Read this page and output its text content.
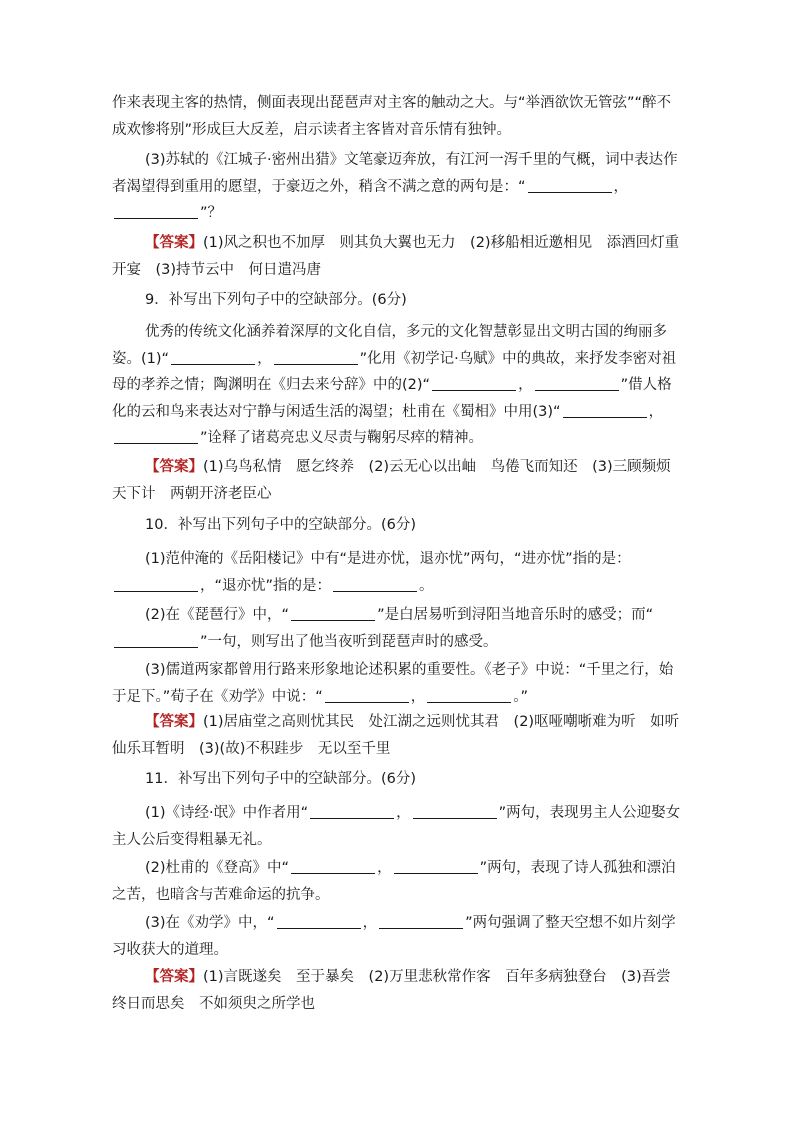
作来表现主客的热情，侧面表现出琵琶声对主客的触动之大。与“举酒欲饮无管弦”“醉不成欢惨将别”形成巨大反差，启示读者主客皆对音乐情有独钟。

(3)苏轼的《江城子·密州出猎》文笔豪迈奔放，有江河一泻千里的气概，词中表达作者渴望得到重用的愿望，于豪迈之外，稍含不满之意的两句是：“	，
”？

【答案】(1)风之积也不加厚　则其负大翼也无力　(2)移船相近邀相见　添酒回灯重开宴　(3)持节云中　何日遣冯唐

9．补写出下列句子中的空缺部分。(6分)

优秀的传统文化涵养着深厚的文化自信，多元的文化智慧彰显出文明古国的绚丽多姿。(1)“	，	”化用《初学记·乌赋》中的典故，来抒发李密对祖母的孝养之情；陶渊明在《归去来兮辞》中的(2)“	，	”借人格化的云和鸟来表达对宁静与闲适生活的渴望；杜甫在《蜀相》中用(3)“	，”诠释了诸葛亮忠义尽责与鞠躬尽瘁的精神。

【答案】(1)乌鸟私情　愿乞终养　(2)云无心以出岫　鸟倦飞而知还　(3)三顾频烦天下计　两朝开济老臣心

10．补写出下列句子中的空缺部分。(6分)

(1)范仲淹的《岳阳楼记》中有“是进亦忧，退亦忧”两句，“进亦忧”指的是：
，“退亦忧”指的是：	。

(2)在《琵琶行》中，“	”是白居易听到浔阳当地音乐时的感受；而“”一句，则写出了他当夜听到琵琶声时的感受。

(3)儒道两家都曾用行路来形象地论述积累的重要性。《老子》中说：“千里之行，始于足下。”荀子在《劝学》中说：“	，	。”

【答案】(1)居庙堂之高则忧其民　处江湖之远则忧其君　(2)呕哑嘲哳难为听　如听仙乐耳暂明　(3)(故)不积跬步　无以至千里

11．补写出下列句子中的空缺部分。(6分)

(1)《诗经·氓》中作者用“	，	”两句，表现男主人公迎娶女主人公后变得粗暴无礼。

(2)杜甫的《登高》中“	，	”两句，表现了诗人孤独和漂泊之苦，也暗含与苦难命运的抗争。

(3)在《劝学》中，“	，	”两句强调了整天空想不如片刻学习收获大的道理。

【答案】(1)言既遂矣　至于暴矣　(2)万里悲秋常作客　百年多病独登台　(3)吾尝终日而思矣　不如须臾之所学也
